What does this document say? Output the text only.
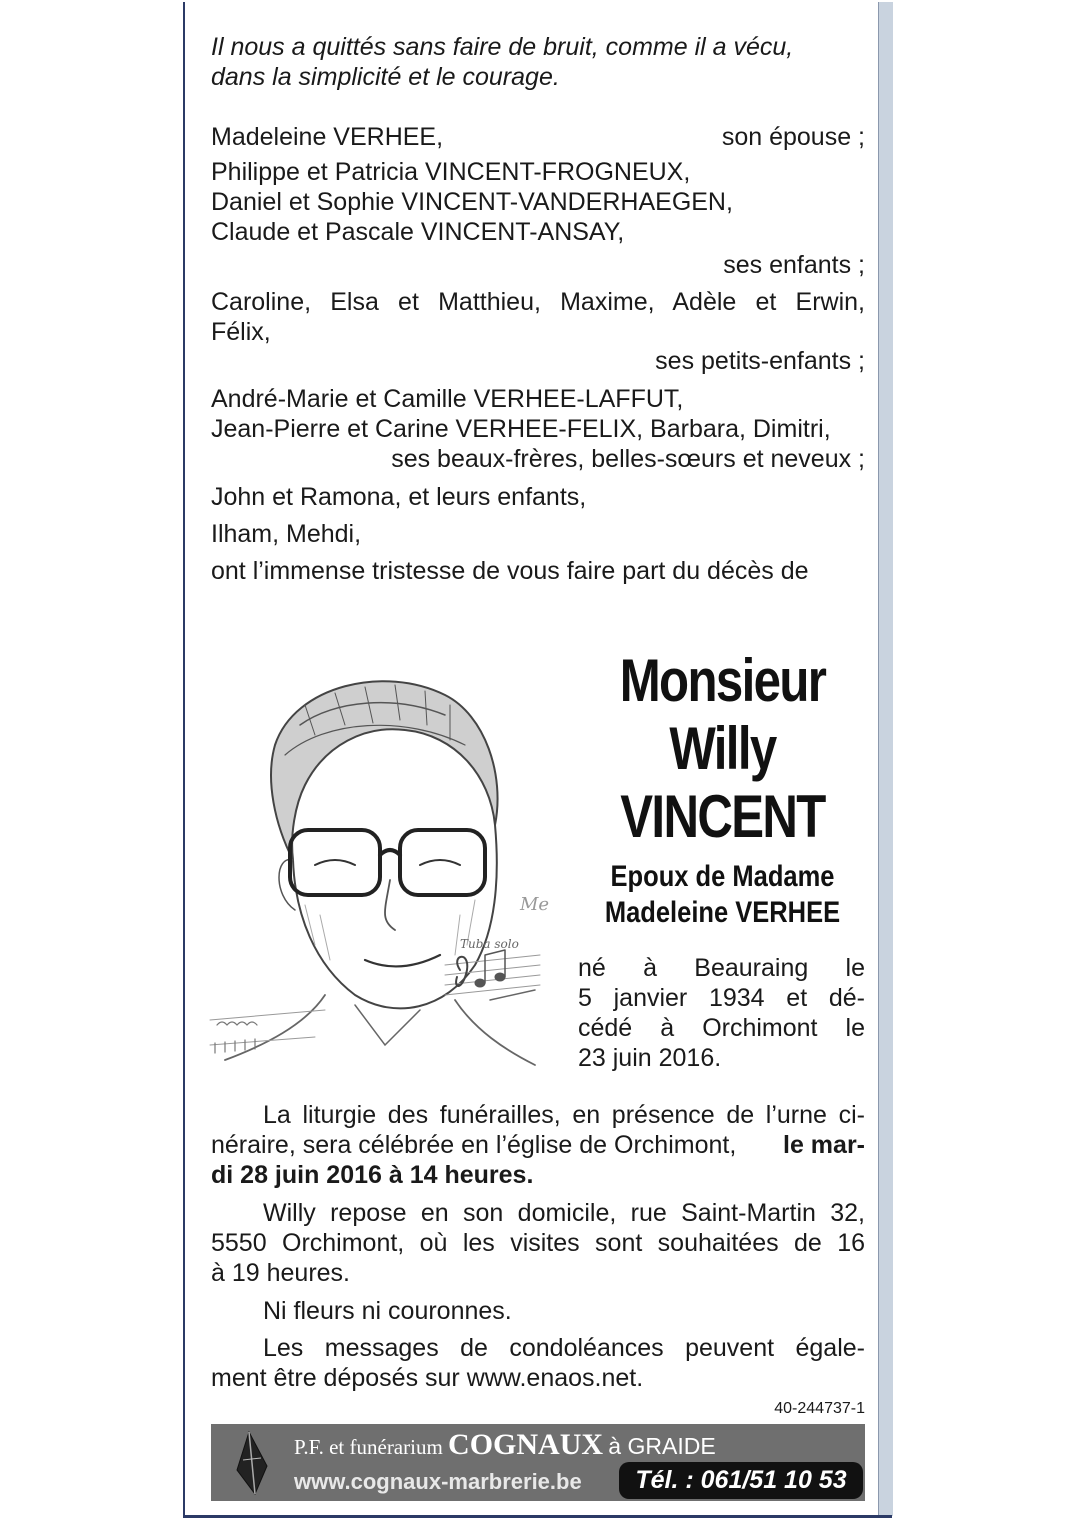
Il nous a quittés sans faire de bruit, comme il a vécu,
dans la simplicité et le courage.
Madeleine VERHEE,	son épouse ;
Philippe et Patricia VINCENT-FROGNEUX,
Daniel et Sophie VINCENT-VANDERHAEGEN,
Claude et Pascale VINCENT-ANSAY,
ses enfants ;
Caroline, Elsa et Matthieu, Maxime, Adèle et Erwin,
Félix,
ses petits-enfants ;
André-Marie et Camille VERHEE-LAFFUT,
Jean-Pierre et Carine VERHEE-FELIX, Barbara, Dimitri,
ses beaux-frères, belles-sœurs et neveux ;
John et Ramona, et leurs enfants,
Ilham, Mehdi,
ont l’immense tristesse de vous faire part du décès de
Tuba solo
Me
Monsieur
Willy
VINCENT
Epoux de Madame
Madeleine VERHEE
né à Beauraing le
5 janvier 1934 et dé-
cédé à Orchimont le
23 juin 2016.
La liturgie des funérailles, en présence de l’urne ci-
néraire, sera célébrée en l’église de Orchimont, le mar-
di 28 juin 2016 à 14 heures.
Willy repose en son domicile, rue Saint-Martin 32,
5550 Orchimont, où les visites sont souhaitées de 16
à 19 heures.
Ni fleurs ni couronnes.
Les messages de condoléances peuvent égale-
ment être déposés sur www.enaos.net.
40-244737-1
P.F. et funérarium COGNAUX à GRAIDE
www.cognaux-marbrerie.be	Tél. : 061/51 10 53
